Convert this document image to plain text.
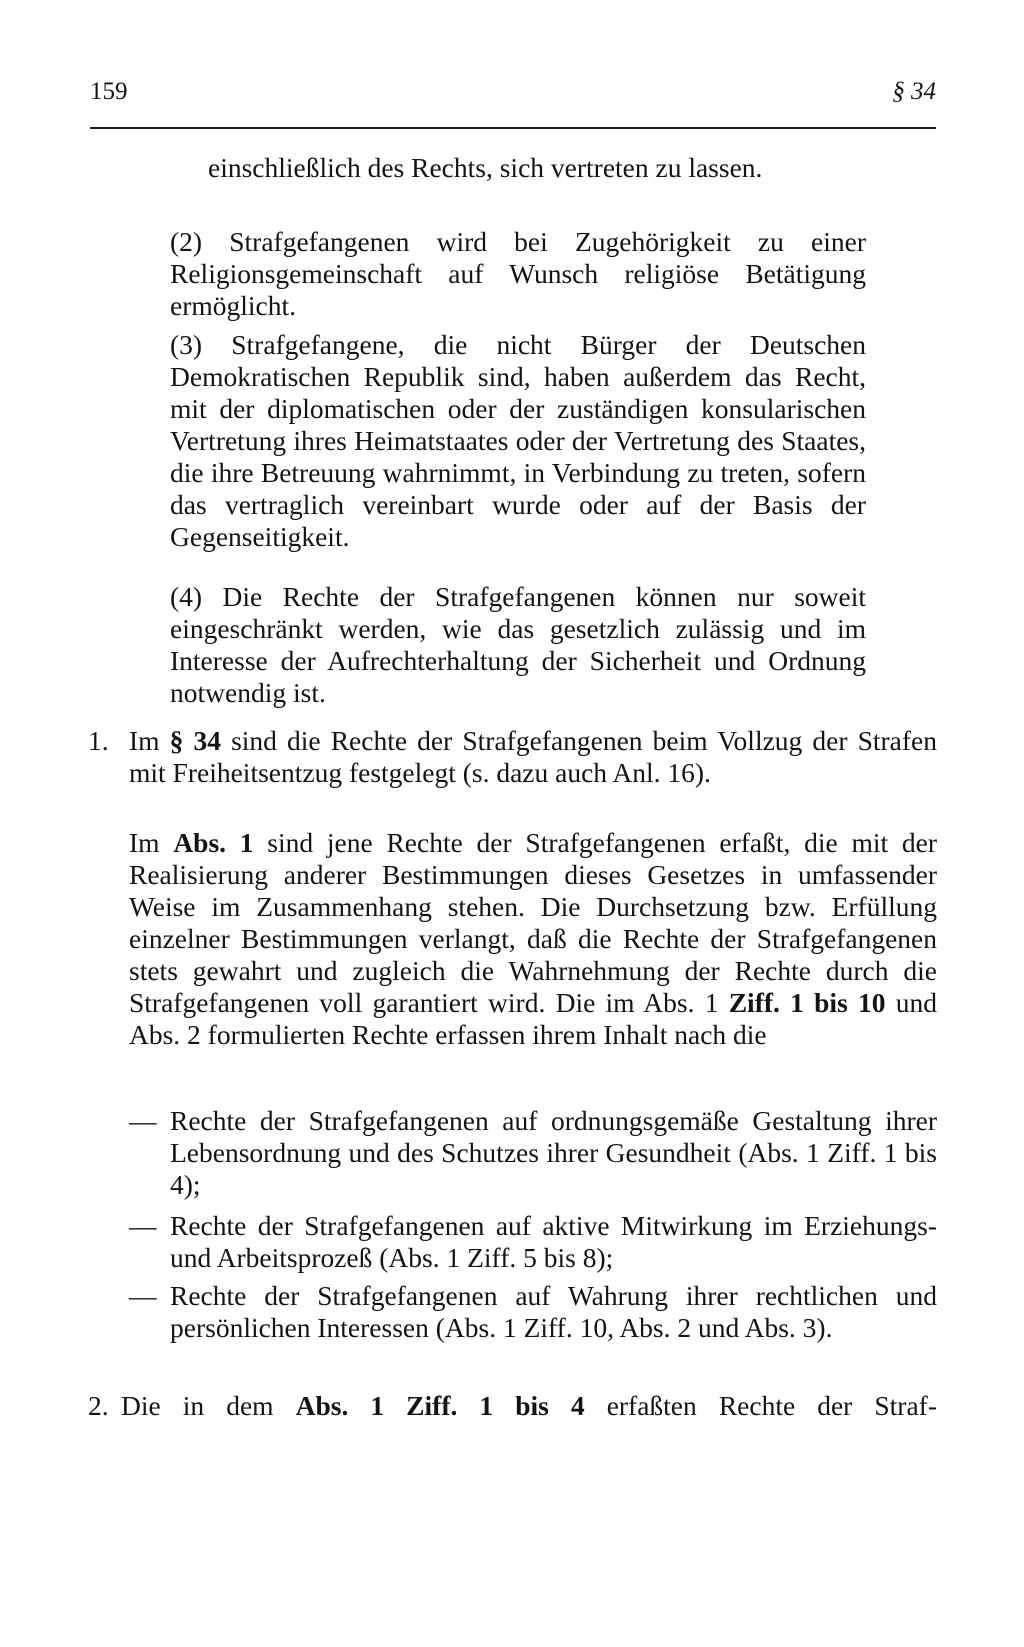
159	§ 34

einschließlich des Rechts, sich vertreten zu lassen.

(2) Strafgefangenen wird bei Zugehörigkeit zu einer Religionsgemeinschaft auf Wunsch religiöse Betätigung ermöglicht.

(3) Strafgefangene, die nicht Bürger der Deutschen Demokratischen Republik sind, haben außerdem das Recht, mit der diplomatischen oder der zuständigen konsularischen Vertretung ihres Heimatstaates oder der Vertretung des Staates, die ihre Betreuung wahrnimmt, in Verbindung zu treten, sofern das vertraglich vereinbart wurde oder auf der Basis der Gegenseitigkeit.

(4) Die Rechte der Strafgefangenen können nur soweit eingeschränkt werden, wie das gesetzlich zulässig und im Interesse der Aufrechterhaltung der Sicherheit und Ordnung notwendig ist.

1. Im § 34 sind die Rechte der Strafgefangenen beim Vollzug der Strafen mit Freiheitsentzug festgelegt (s. dazu auch Anl. 16).

Im Abs. 1 sind jene Rechte der Strafgefangenen erfaßt, die mit der Realisierung anderer Bestimmungen dieses Gesetzes in umfassender Weise im Zusammenhang stehen. Die Durchsetzung bzw. Erfüllung einzelner Bestimmungen verlangt, daß die Rechte der Strafgefangenen stets gewahrt und zugleich die Wahrnehmung der Rechte durch die Strafgefangenen voll garantiert wird. Die im Abs. 1 Ziff. 1 bis 10 und Abs. 2 formulierten Rechte erfassen ihrem Inhalt nach die

— Rechte der Strafgefangenen auf ordnungsgemäße Gestaltung ihrer Lebensordnung und des Schutzes ihrer Gesundheit (Abs. 1 Ziff. 1 bis 4);

— Rechte der Strafgefangenen auf aktive Mitwirkung im Erziehungs- und Arbeitsprozeß (Abs. 1 Ziff. 5 bis 8);

— Rechte der Strafgefangenen auf Wahrung ihrer rechtlichen und persönlichen Interessen (Abs. 1 Ziff. 10, Abs. 2 und Abs. 3).

2. Die in dem Abs. 1 Ziff. 1 bis 4 erfaßten Rechte der Straf-
